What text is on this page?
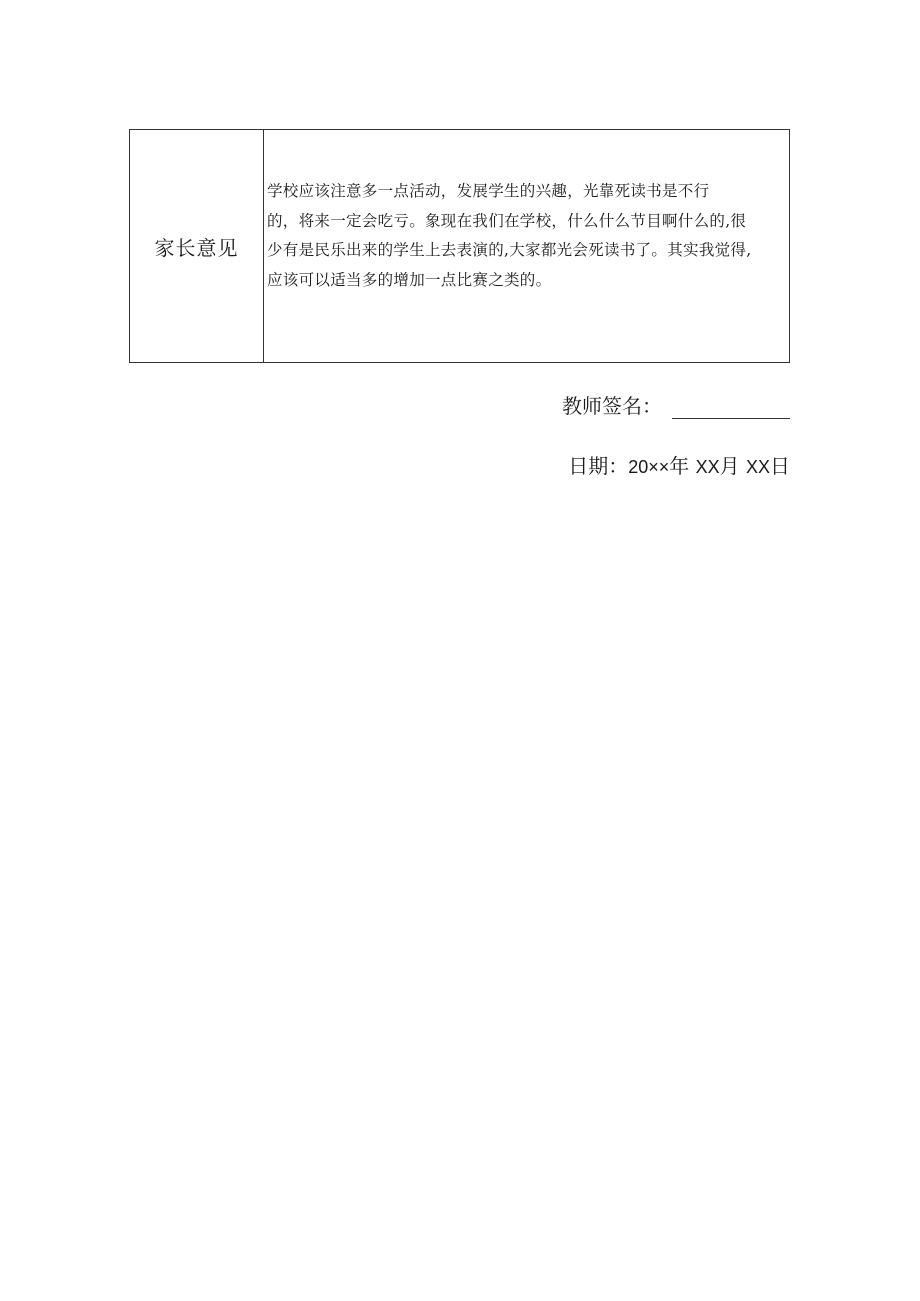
家长意见
学校应该注意多一点活动，发展学生的兴趣，光靠死读书是不行
的，将来一定会吃亏。象现在我们在学校，什么什么节目啊什么的,很
少有是民乐出来的学生上去表演的,大家都光会死读书了。其实我觉得,
应该可以适当多的增加一点比赛之类的。
教师签名：
日期：20××年 XX月 XX日
